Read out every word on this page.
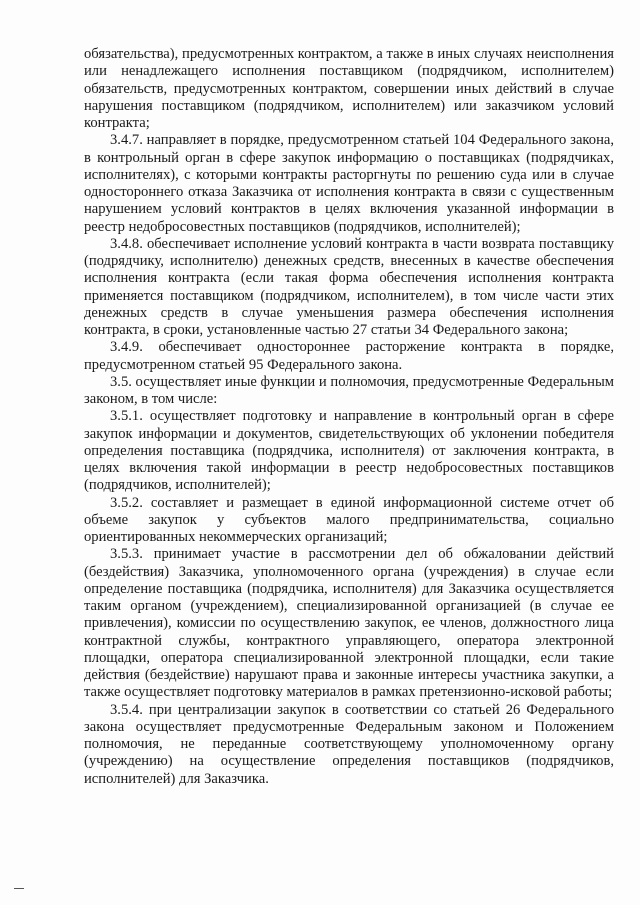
обязательства), предусмотренных контрактом, а также в иных случаях неисполнения или ненадлежащего исполнения поставщиком (подрядчиком, исполнителем) обязательств, предусмотренных контрактом, совершении иных действий в случае нарушения поставщиком (подрядчиком, исполнителем) или заказчиком условий контракта;

3.4.7. направляет в порядке, предусмотренном статьей 104 Федерального закона, в контрольный орган в сфере закупок информацию о поставщиках (подрядчиках, исполнителях), с которыми контракты расторгнуты по решению суда или в случае одностороннего отказа Заказчика от исполнения контракта в связи с существенным нарушением условий контрактов в целях включения указанной информации в реестр недобросовестных поставщиков (подрядчиков, исполнителей);

3.4.8. обеспечивает исполнение условий контракта в части возврата поставщику (подрядчику, исполнителю) денежных средств, внесенных в качестве обеспечения исполнения контракта (если такая форма обеспечения исполнения контракта применяется поставщиком (подрядчиком, исполнителем), в том числе части этих денежных средств в случае уменьшения размера обеспечения исполнения контракта, в сроки, установленные частью 27 статьи 34 Федерального закона;

3.4.9. обеспечивает одностороннее расторжение контракта в порядке, предусмотренном статьей 95 Федерального закона.

3.5. осуществляет иные функции и полномочия, предусмотренные Федеральным законом, в том числе:

3.5.1. осуществляет подготовку и направление в контрольный орган в сфере закупок информации и документов, свидетельствующих об уклонении победителя определения поставщика (подрядчика, исполнителя) от заключения контракта, в целях включения такой информации в реестр недобросовестных поставщиков (подрядчиков, исполнителей);

3.5.2. составляет и размещает в единой информационной системе отчет об объеме закупок у субъектов малого предпринимательства, социально ориентированных некоммерческих организаций;

3.5.3. принимает участие в рассмотрении дел об обжаловании действий (бездействия) Заказчика, уполномоченного органа (учреждения) в случае если определение поставщика (подрядчика, исполнителя) для Заказчика осуществляется таким органом (учреждением), специализированной организацией (в случае ее привлечения), комиссии по осуществлению закупок, ее членов, должностного лица контрактной службы, контрактного управляющего, оператора электронной площадки, оператора специализированной электронной площадки, если такие действия (бездействие) нарушают права и законные интересы участника закупки, а также осуществляет подготовку материалов в рамках претензионно-исковой работы;

3.5.4. при централизации закупок в соответствии со статьей 26 Федерального закона осуществляет предусмотренные Федеральным законом и Положением полномочия, не переданные соответствующему уполномоченному органу (учреждению) на осуществление определения поставщиков (подрядчиков, исполнителей) для Заказчика.
